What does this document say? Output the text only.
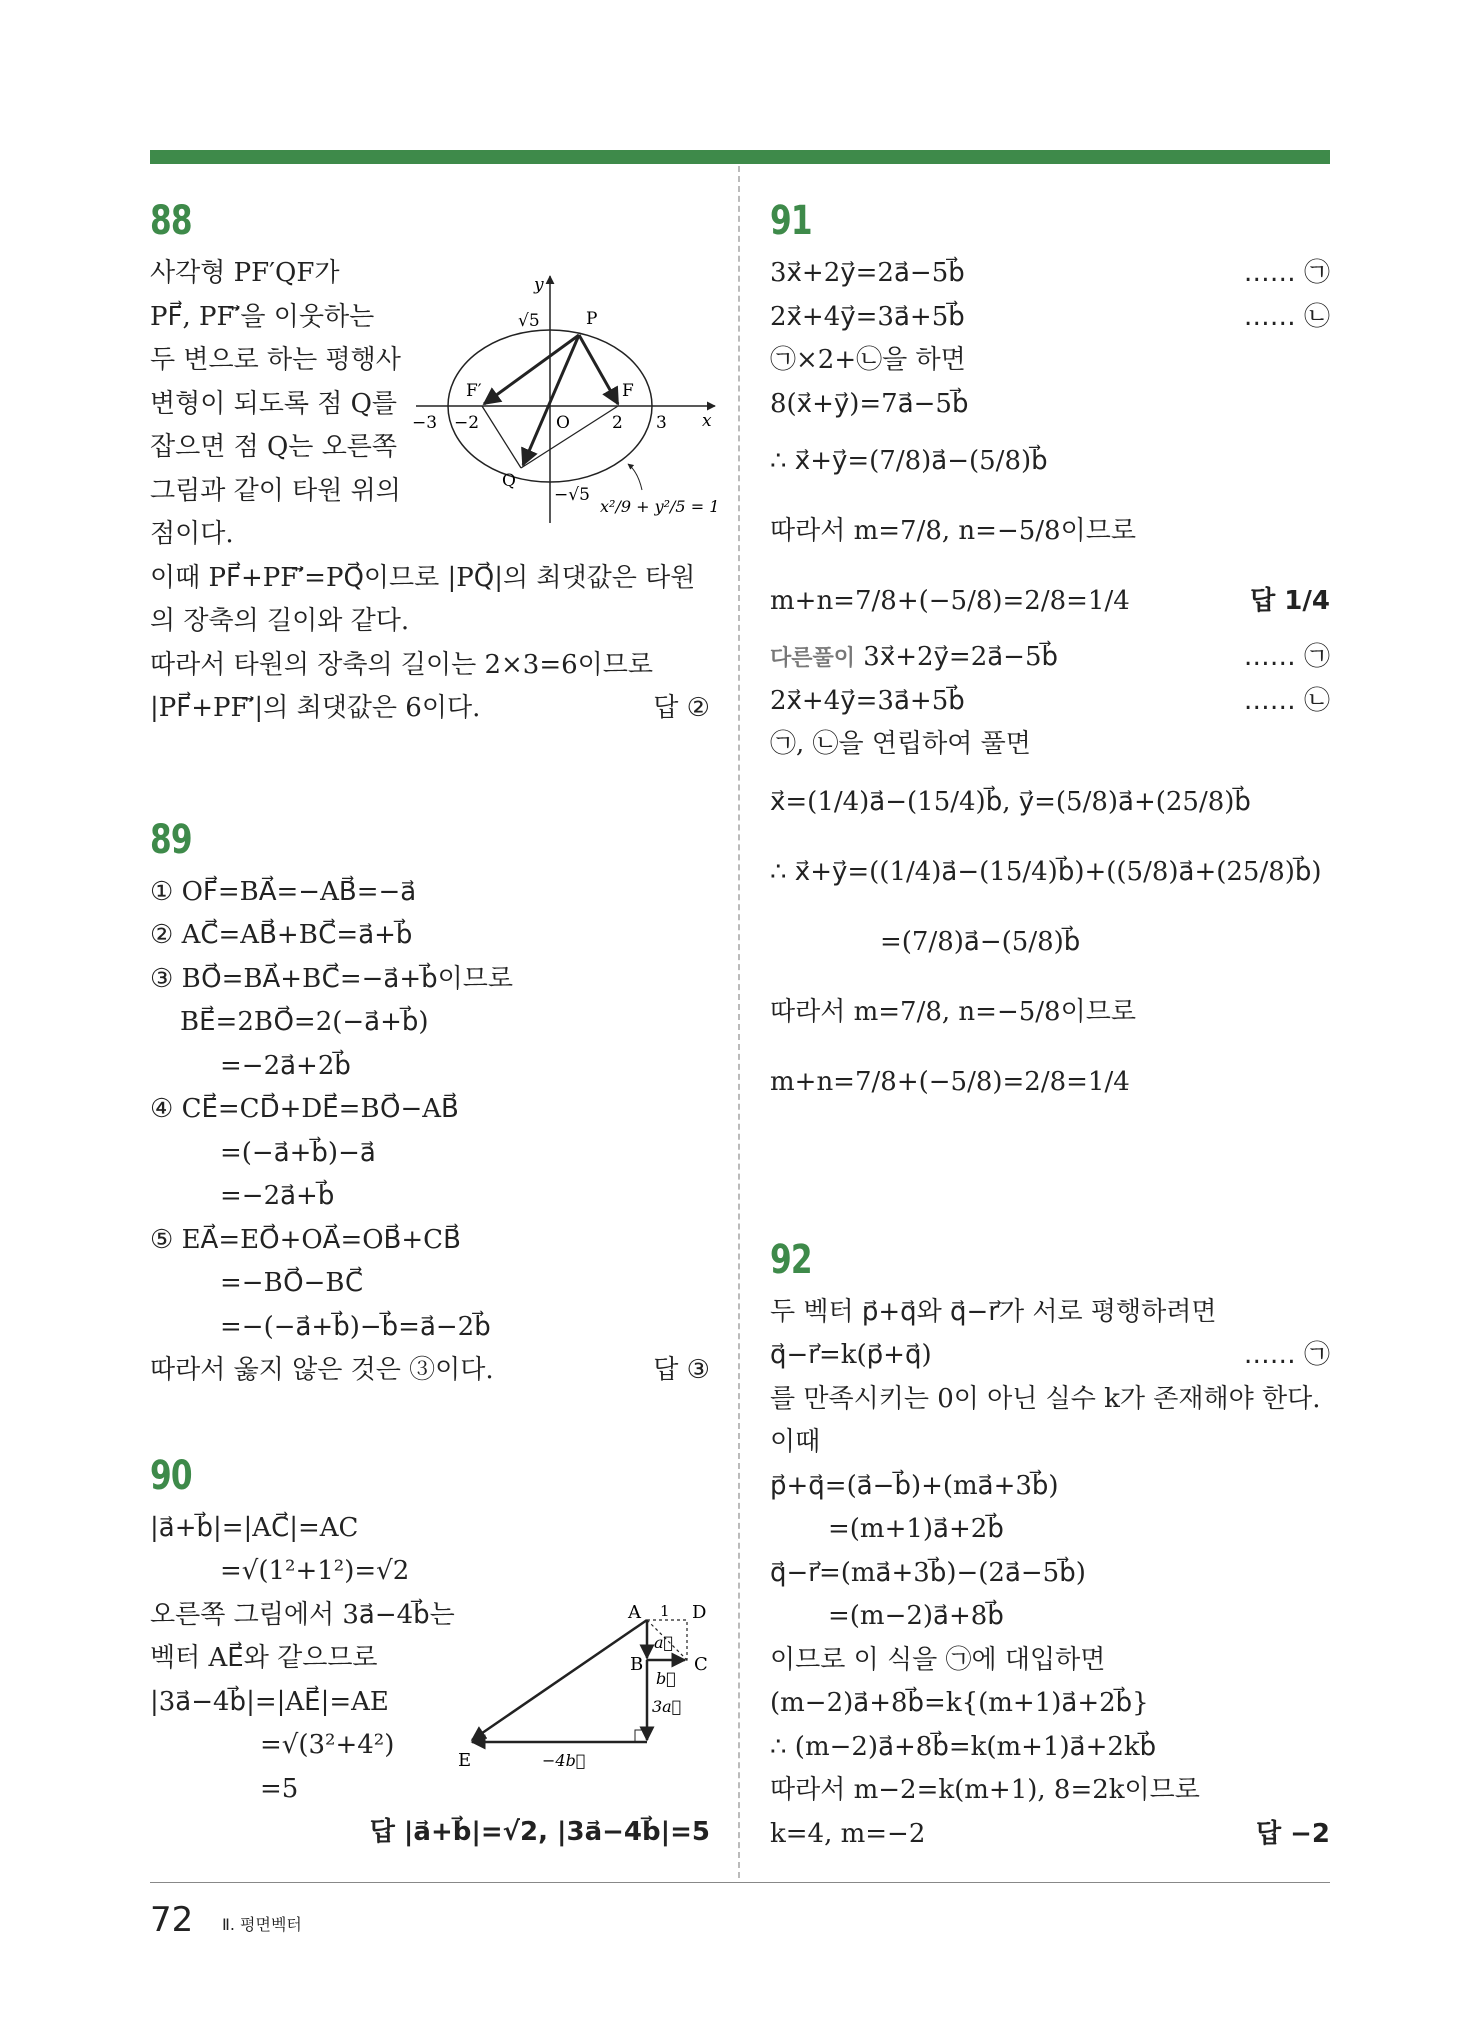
88
사각형 PF′QF가
PF⃗, PF′⃗을 이웃하는
두 변으로 하는 평행사
변형이 되도록 점 Q를
잡으면 점 Q는 오른쪽
그림과 같이 타원 위의
점이다.
이때 PF⃗+PF′⃗=PQ⃗이므로 |PQ⃗|의 최댓값은 타원
의 장축의 길이와 같다.
따라서 타원의 장축의 길이는 2×3=6이므로
|PF⃗+PF′⃗|의 최댓값은 6이다.	답 ②
89
① OF⃗=BA⃗=−AB⃗=−a⃗
② AC⃗=AB⃗+BC⃗=a⃗+b⃗
③ BO⃗=BA⃗+BC⃗=−a⃗+b⃗이므로
BE⃗=2BO⃗=2(−a⃗+b⃗)
=−2a⃗+2b⃗
④ CE⃗=CD⃗+DE⃗=BO⃗−AB⃗
=(−a⃗+b⃗)−a⃗
=−2a⃗+b⃗
⑤ EA⃗=EO⃗+OA⃗=OB⃗+CB⃗
=−BO⃗−BC⃗
=−(−a⃗+b⃗)−b⃗=a⃗−2b⃗
따라서 옳지 않은 것은 ③이다.	답 ③
90
|a⃗+b⃗|=|AC⃗|=AC
=√(1²+1²)=√2
오른쪽 그림에서 3a⃗−4b⃗는
벡터 AE⃗와 같으므로
|3a⃗−4b⃗|=|AE⃗|=AE
=√(3²+4²)
=5
답 |a⃗+b⃗|=√2, |3a⃗−4b⃗|=5
y
x
√5	P
F
F′
−3 −2	O 2 3
Q
−√5
x²/9 + y²/5 = 1
A 1 D
a⃗
B	C
b⃗
3a⃗
E	−4b⃗
91
3x⃗+2y⃗=2a⃗−5b⃗	…… ㉠
2x⃗+4y⃗=3a⃗+5b⃗	…… ㉡
㉠×2+㉡을 하면
8(x⃗+y⃗)=7a⃗−5b⃗
∴ x⃗+y⃗=(7/8)a⃗−(5/8)b⃗
따라서 m=7/8, n=−5/8이므로
m+n=7/8+(−5/8)=2/8=1/4	답 1/4
다른풀이 3x⃗+2y⃗=2a⃗−5b⃗	…… ㉠
2x⃗+4y⃗=3a⃗+5b⃗	…… ㉡
㉠, ㉡을 연립하여 풀면
x⃗=(1/4)a⃗−(15/4)b⃗, y⃗=(5/8)a⃗+(25/8)b⃗
∴ x⃗+y⃗=((1/4)a⃗−(15/4)b⃗)+((5/8)a⃗+(25/8)b⃗)
=(7/8)a⃗−(5/8)b⃗
따라서 m=7/8, n=−5/8이므로
m+n=7/8+(−5/8)=2/8=1/4
92
두 벡터 p⃗+q⃗와 q⃗−r⃗가 서로 평행하려면
q⃗−r⃗=k(p⃗+q⃗)	…… ㉠
를 만족시키는 0이 아닌 실수 k가 존재해야 한다.
이때
p⃗+q⃗=(a⃗−b⃗)+(ma⃗+3b⃗)
=(m+1)a⃗+2b⃗
q⃗−r⃗=(ma⃗+3b⃗)−(2a⃗−5b⃗)
=(m−2)a⃗+8b⃗
이므로 이 식을 ㉠에 대입하면
(m−2)a⃗+8b⃗=k{(m+1)a⃗+2b⃗}
∴ (m−2)a⃗+8b⃗=k(m+1)a⃗+2kb⃗
따라서 m−2=k(m+1), 8=2k이므로
k=4, m=−2	답 −2
72 Ⅱ. 평면벡터
